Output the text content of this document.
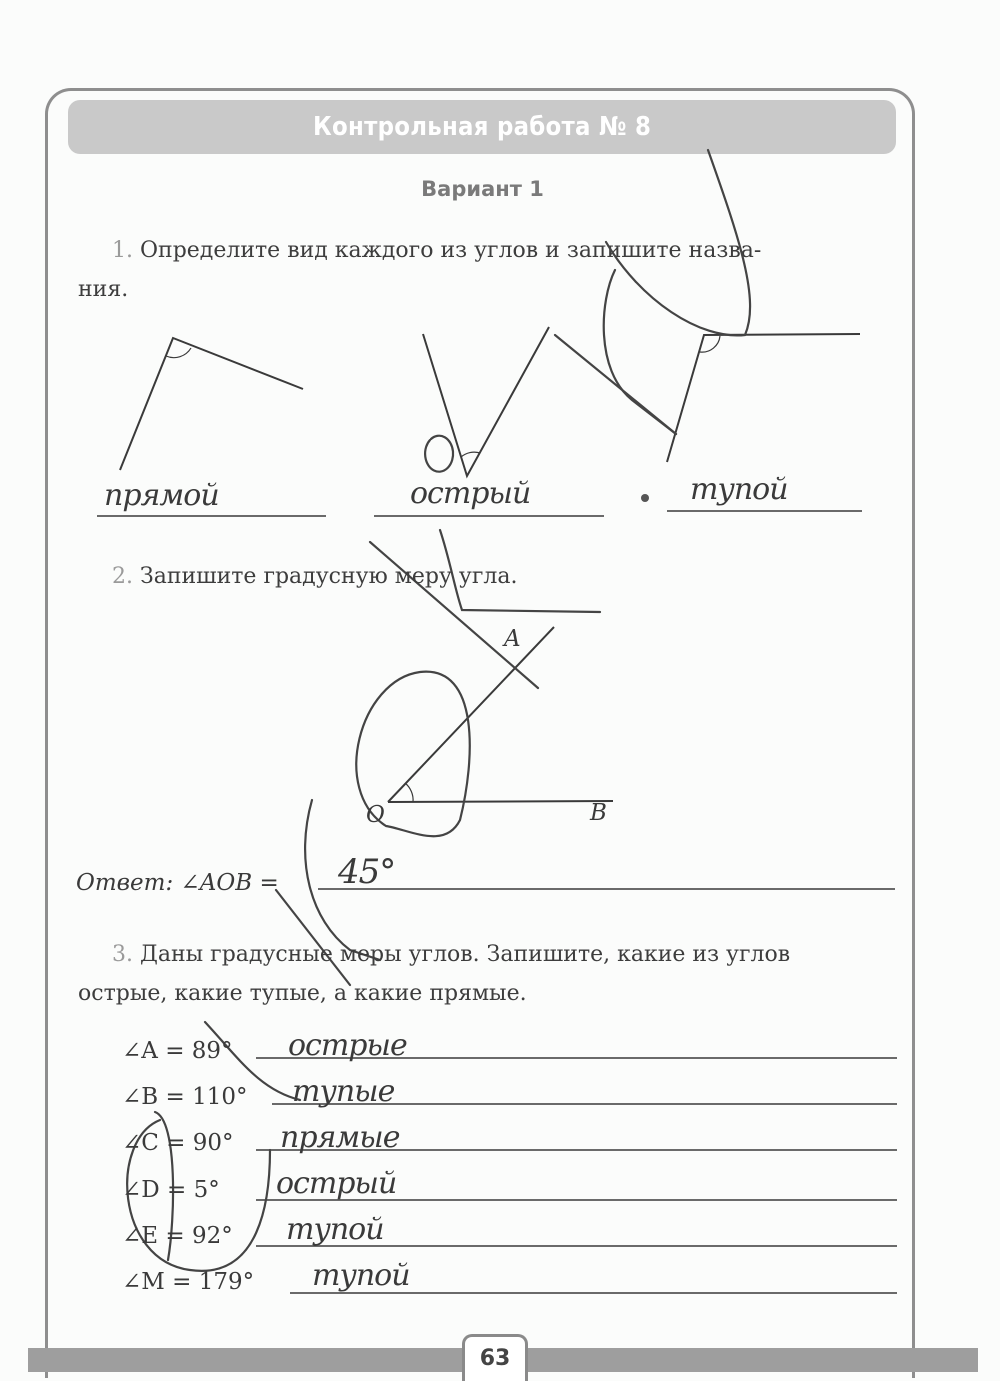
Контрольная работа № 8
Вариант 1
1. Определите вид каждого из углов и запишите назва-
ния.
прямой	острый	тупой
2. Запишите градусную меру угла.
A
O	B
Ответ: ∠AOB = 45°
3. Даны градусные меры углов. Запишите, какие из углов
острые, какие тупые, а какие прямые.
∠A = 89° острые
∠B = 110° тупые
∠C = 90° прямые
∠D = 5° острый
∠E = 92° тупой
∠M = 179° тупой
63
